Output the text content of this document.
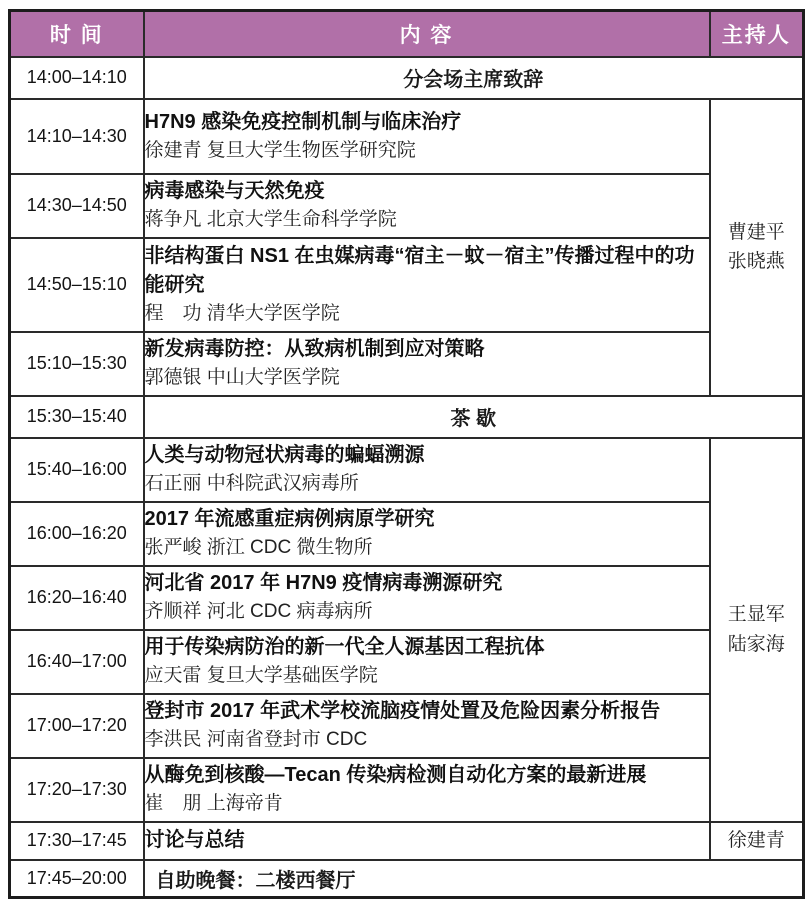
时 间	内 容	主持人
14:00–14:10	分会场主席致辞	
14:10–14:30	H7N9 感染免疫控制机制与临床治疗
徐建青 复旦大学生物医学研究院	曹建平
张晓燕

14:30–14:50	病毒感染与天然免疫
蒋争凡 北京大学生命科学学院	

14:50–15:10	非结构蛋白 NS1 在虫媒病毒“宿主－蚊－宿主”传播过程中的功能研究
程　功 清华大学医学院	

15:10–15:30	新发病毒防控：从致病机制到应对策略
郭德银 中山大学医学院	

15:30–15:40	茶 歇	
15:40–16:00	人类与动物冠状病毒的蝙蝠溯源
石正丽 中科院武汉病毒所	王显军
陆家海

16:00–16:20	2017 年流感重症病例病原学研究
张严峻 浙江 CDC 微生物所	

16:20–16:40	河北省 2017 年 H7N9 疫情病毒溯源研究
齐顺祥 河北 CDC 病毒病所	

16:40–17:00	用于传染病防治的新一代全人源基因工程抗体
应天雷 复旦大学基础医学院	

17:00–17:20	登封市 2017 年武术学校流脑疫情处置及危险因素分析报告
李洪民 河南省登封市 CDC	

17:20–17:30	从酶免到核酸—Tecan 传染病检测自动化方案的最新进展
崔　朋 上海帝肯	

17:30–17:45	讨论与总结	徐建青

17:45–20:00	自助晚餐：二楼西餐厅	
